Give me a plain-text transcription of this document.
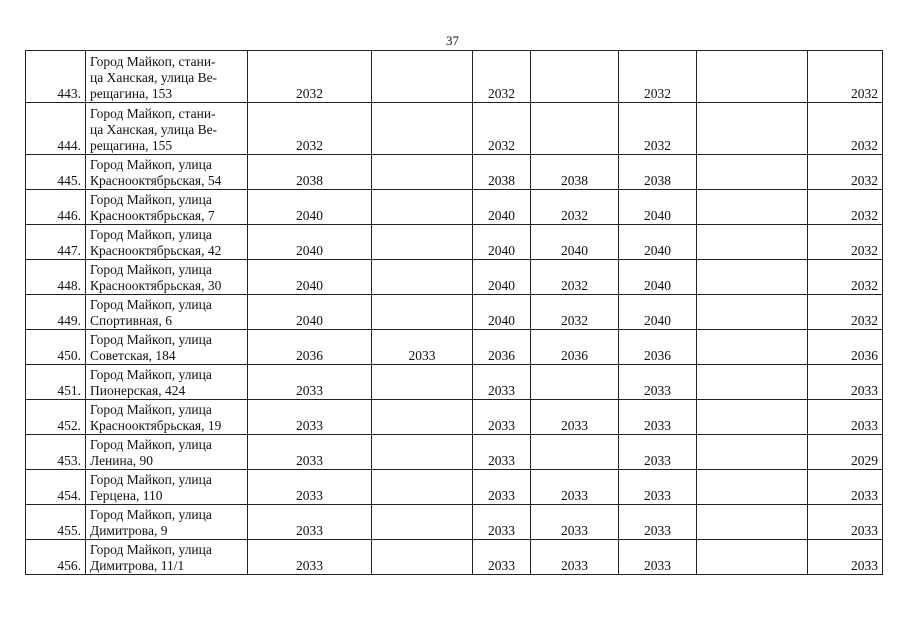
37
443.	Город Майкоп, стани-
ца Ханская, улица Ве-
рещагина, 153	2032		2032		2032		2032
444.	Город Майкоп, стани-
ца Ханская, улица Ве-
рещагина, 155	2032		2032		2032		2032
445.	Город Майкоп, улица
Краснооктябрьская, 54	2038		2038	2038	2038		2032
446.	Город Майкоп, улица
Краснооктябрьская, 7	2040		2040	2032	2040		2032
447.	Город Майкоп, улица
Краснооктябрьская, 42	2040		2040	2040	2040		2032
448.	Город Майкоп, улица
Краснооктябрьская, 30	2040		2040	2032	2040		2032
449.	Город Майкоп, улица
Спортивная, 6	2040		2040	2032	2040		2032
450.	Город Майкоп, улица
Советская, 184	2036	2033	2036	2036	2036		2036
451.	Город Майкоп, улица
Пионерская, 424	2033		2033		2033		2033
452.	Город Майкоп, улица
Краснооктябрьская, 19	2033		2033	2033	2033		2033
453.	Город Майкоп, улица
Ленина, 90	2033		2033		2033		2029
454.	Город Майкоп, улица
Герцена, 110	2033		2033	2033	2033		2033
455.	Город Майкоп, улица
Димитрова, 9	2033		2033	2033	2033		2033
456.	Город Майкоп, улица
Димитрова, 11/1	2033		2033	2033	2033		2033
